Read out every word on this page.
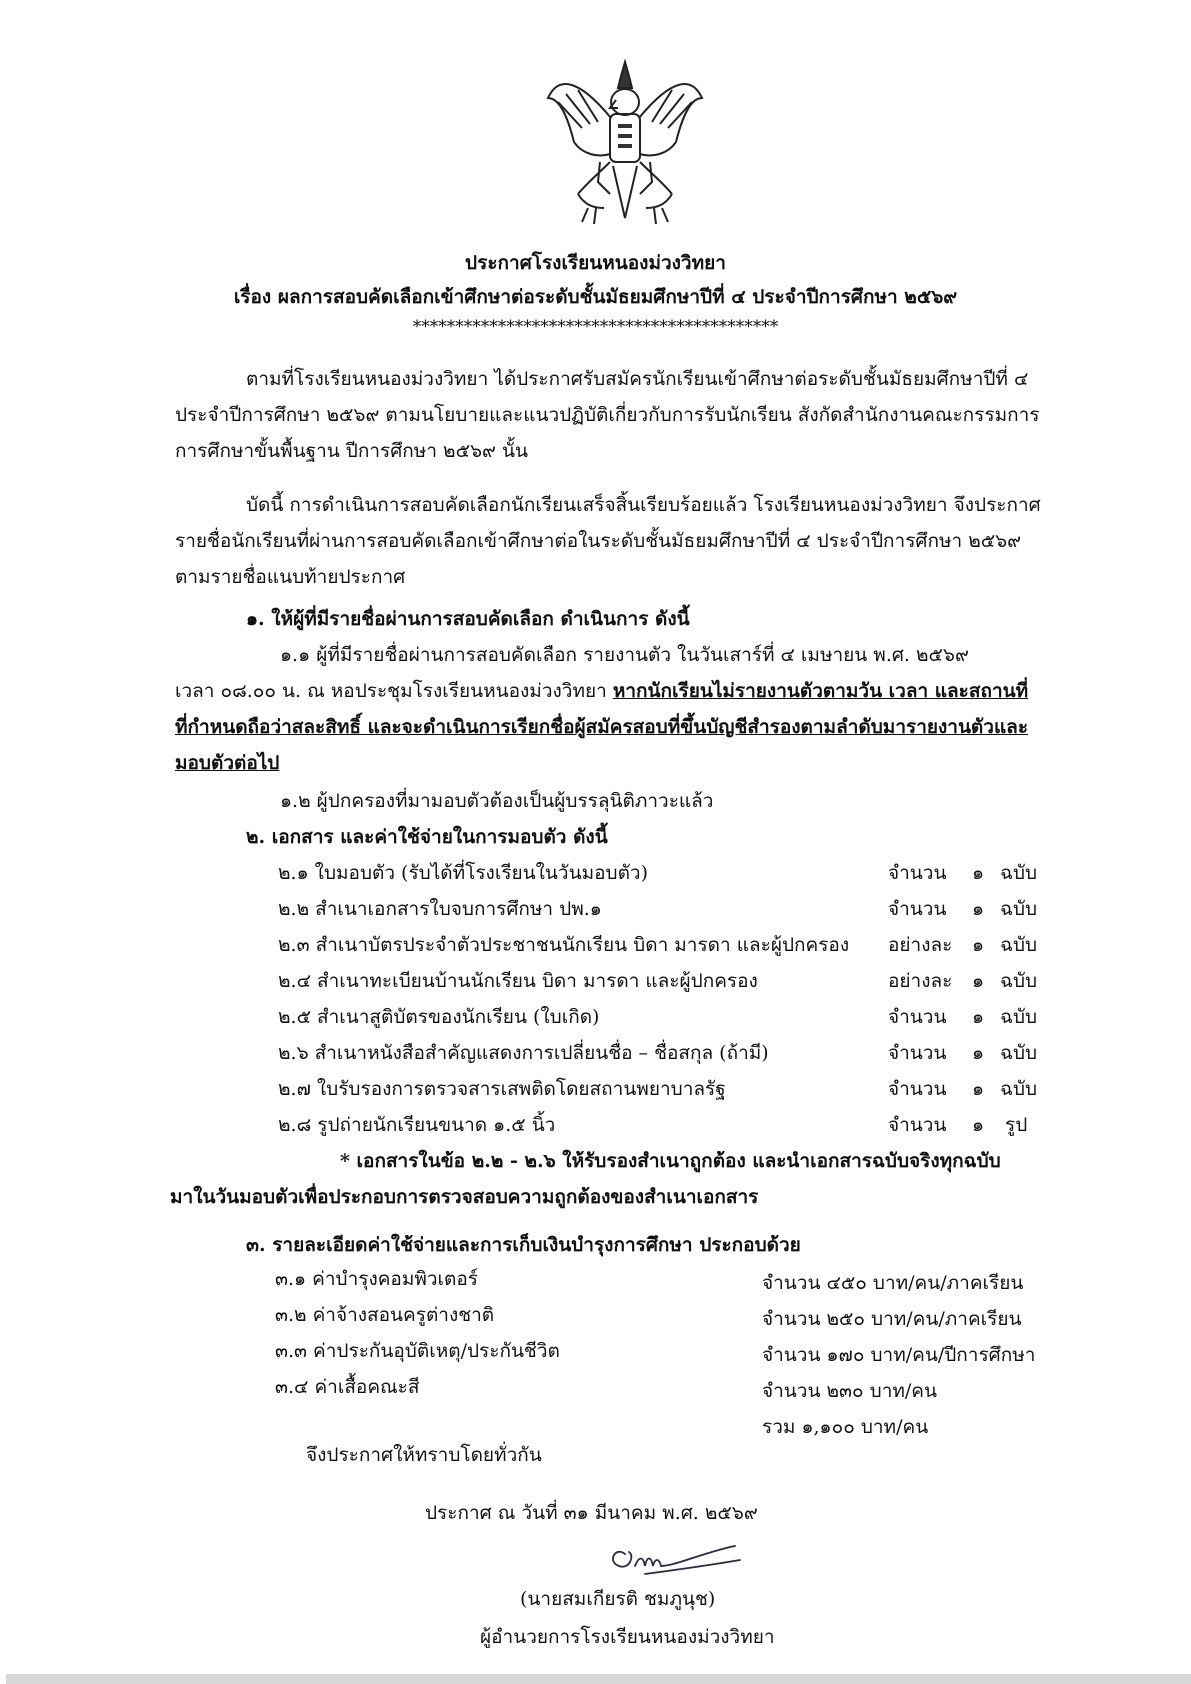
ประกาศโรงเรียนหนองม่วงวิทยา
เรื่อง ผลการสอบคัดเลือกเข้าศึกษาต่อระดับชั้นมัธยมศึกษาปีที่ ๔ ประจำปีการศึกษา ๒๕๖๙
*******************************************
ตามที่โรงเรียนหนองม่วงวิทยา ได้ประกาศรับสมัครนักเรียนเข้าศึกษาต่อระดับชั้นมัธยมศึกษาปีที่ ๔
ประจำปีการศึกษา ๒๕๖๙ ตามนโยบายและแนวปฏิบัติเกี่ยวกับการรับนักเรียน สังกัดสำนักงานคณะกรรมการ
การศึกษาขั้นพื้นฐาน ปีการศึกษา ๒๕๖๙ นั้น
บัดนี้ การดำเนินการสอบคัดเลือกนักเรียนเสร็จสิ้นเรียบร้อยแล้ว โรงเรียนหนองม่วงวิทยา จึงประกาศ
รายชื่อนักเรียนที่ผ่านการสอบคัดเลือกเข้าศึกษาต่อในระดับชั้นมัธยมศึกษาปีที่ ๔ ประจำปีการศึกษา ๒๕๖๙
ตามรายชื่อแนบท้ายประกาศ
๑. ให้ผู้ที่มีรายชื่อผ่านการสอบคัดเลือก ดำเนินการ ดังนี้
๑.๑ ผู้ที่มีรายชื่อผ่านการสอบคัดเลือก รายงานตัว ในวันเสาร์ที่ ๔ เมษายน พ.ศ. ๒๕๖๙
เวลา ๐๘.๐๐ น. ณ หอประชุมโรงเรียนหนองม่วงวิทยา หากนักเรียนไม่รายงานตัวตามวัน เวลา และสถานที่
ที่กำหนดถือว่าสละสิทธิ์ และจะดำเนินการเรียกชื่อผู้สมัครสอบที่ขึ้นบัญชีสำรองตามลำดับมารายงานตัวและ
มอบตัวต่อไป
๑.๒ ผู้ปกครองที่มามอบตัวต้องเป็นผู้บรรลุนิติภาวะแล้ว
๒. เอกสาร และค่าใช้จ่ายในการมอบตัว ดังนี้
๒.๑ ใบมอบตัว (รับได้ที่โรงเรียนในวันมอบตัว)	จำนวน	๑ ฉบับ
๒.๒ สำเนาเอกสารใบจบการศึกษา ปพ.๑	จำนวน	๑ ฉบับ
๒.๓ สำเนาบัตรประจำตัวประชาชนนักเรียน บิดา มารดา และผู้ปกครอง อย่างละ ๑ ฉบับ
๒.๔ สำเนาทะเบียนบ้านนักเรียน บิดา มารดา และผู้ปกครอง	อย่างละ ๑ ฉบับ
๒.๕ สำเนาสูติบัตรของนักเรียน (ใบเกิด)	จำนวน	๑ ฉบับ
๒.๖ สำเนาหนังสือสำคัญแสดงการเปลี่ยนชื่อ – ชื่อสกุล (ถ้ามี)	จำนวน	๑ ฉบับ
๒.๗ ใบรับรองการตรวจสารเสพติดโดยสถานพยาบาลรัฐ	จำนวน	๑ ฉบับ
๒.๘ รูปถ่ายนักเรียนขนาด ๑.๕ นิ้ว	จำนวน	๑ รูป
* เอกสารในข้อ ๒.๒ - ๒.๖ ให้รับรองสำเนาถูกต้อง และนำเอกสารฉบับจริงทุกฉบับ
มาในวันมอบตัวเพื่อประกอบการตรวจสอบความถูกต้องของสำเนาเอกสาร
๓. รายละเอียดค่าใช้จ่ายและการเก็บเงินบำรุงการศึกษา ประกอบด้วย
๓.๑ ค่าบำรุงคอมพิวเตอร์	จำนวน ๔๕๐ บาท/คน/ภาคเรียน
๓.๒ ค่าจ้างสอนครูต่างชาติ	จำนวน ๒๕๐ บาท/คน/ภาคเรียน
๓.๓ ค่าประกันอุบัติเหตุ/ประกันชีวิต	จำนวน ๑๗๐ บาท/คน/ปีการศึกษา
๓.๔ ค่าเสื้อคณะสี	จำนวน ๒๓๐ บาท/คน
รวม ๑,๑๐๐ บาท/คน
จึงประกาศให้ทราบโดยทั่วกัน
ประกาศ ณ วันที่ ๓๑ มีนาคม พ.ศ. ๒๕๖๙
(นายสมเกียรติ ชมภูนุช)
ผู้อำนวยการโรงเรียนหนองม่วงวิทยา
